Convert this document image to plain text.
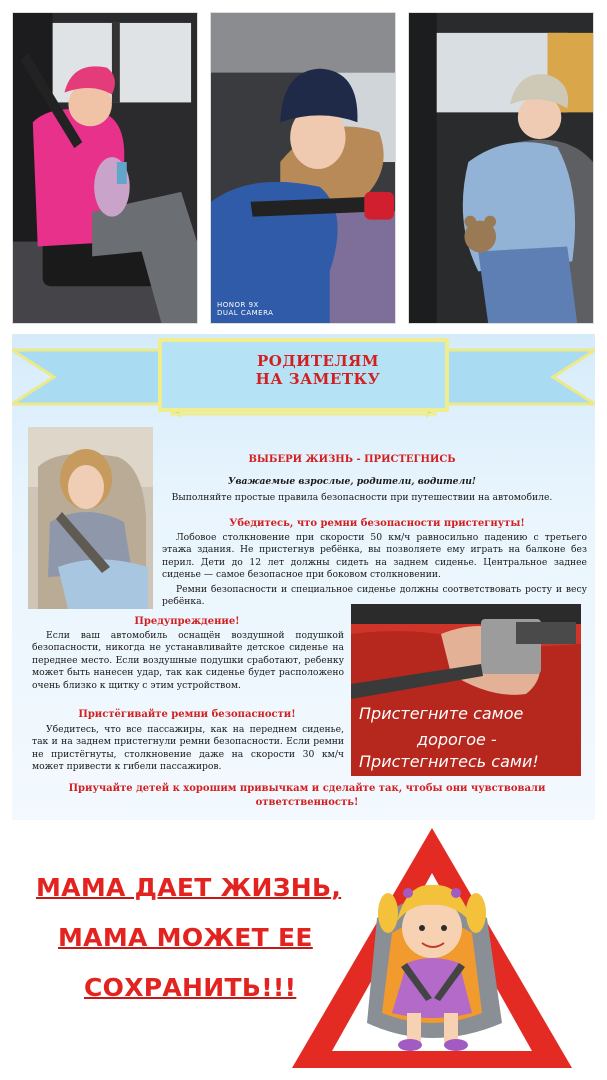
HONOR 9X
DUAL CAMERA
РОДИТЕЛЯМ
НА ЗАМЕТКУ
ВЫБЕРИ ЖИЗНЬ - ПРИСТЕГНИСЬ
Уважаемые взрослые, родители, водители!
Выполняйте простые правила безопасности при путешествии на автомобиле.
Убедитесь, что ремни безопасности пристегнуты!
Лобовое столкновение при скорости 50 км/ч равносильно падению с третьего этажа здания. Не пристегнув ребёнка, вы позволяете ему играть на балконе без перил. Дети до 12 лет должны сидеть на заднем сиденье. Центральное заднее сиденье — самое безопасное при боковом столкновении.
Ремни безопасности и специальное сиденье должны соответствовать росту и весу ребёнка.
Предупреждение!
Если ваш автомобиль оснащён воздушной подушкой безопасности, никогда не устанавливайте детское сиденье на переднее место. Если воздушные подушки сработают, ребенку может быть нанесен удар, так как сиденье будет расположено очень близко к щитку с этим устройством.
Пристёгивайте ремни безопасности!
Убедитесь, что все пассажиры, как на переднем сиденье, так и на заднем пристегнули ремни безопасности. Если ремни не пристёгнуты, столкновение даже на скорости 30 км/ч может привести к гибели пассажиров.
Пристегните самое
дорогое -
Пристегнитесь сами!
Приучайте детей к хорошим привычкам и сделайте так, чтобы они чувствовали ответственность!
МАМА ДАЕТ ЖИЗНЬ,
МАМА МОЖЕТ ЕЕ
СОХРАНИТЬ!!!
